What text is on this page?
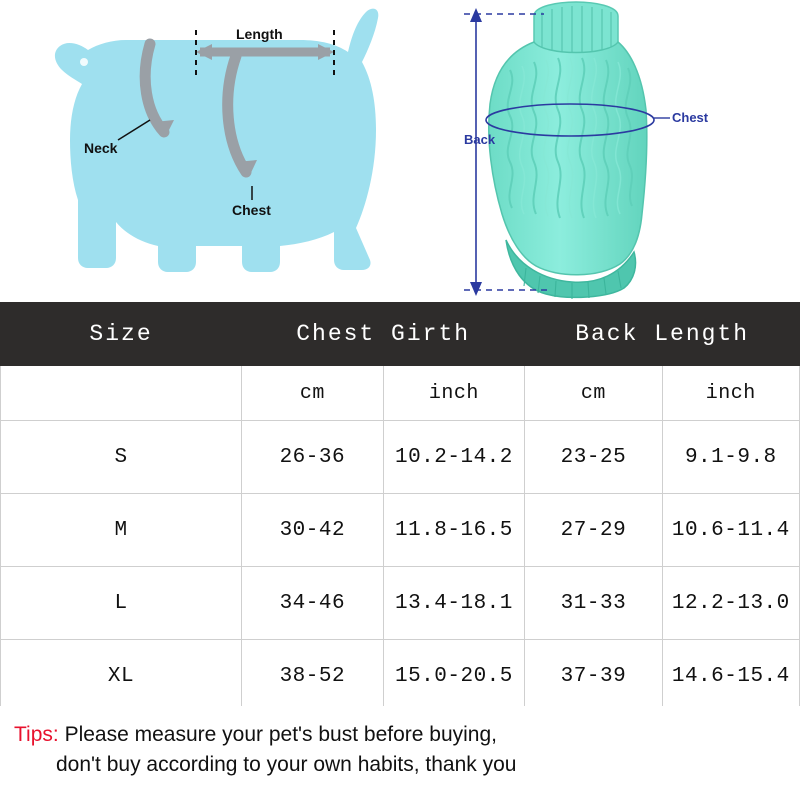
Length
Neck
Chest
Back
Chest
Size	Chest Girth		Back Length	
	cm	inch	cm	inch
S	26-36	10.2-14.2	23-25	9.1-9.8
M	30-42	11.8-16.5	27-29	10.6-11.4
L	34-46	13.4-18.1	31-33	12.2-13.0
XL	38-52	15.0-20.5	37-39	14.6-15.4
Tips: Please measure your pet's bust before buying,
don't buy according to your own habits, thank you
